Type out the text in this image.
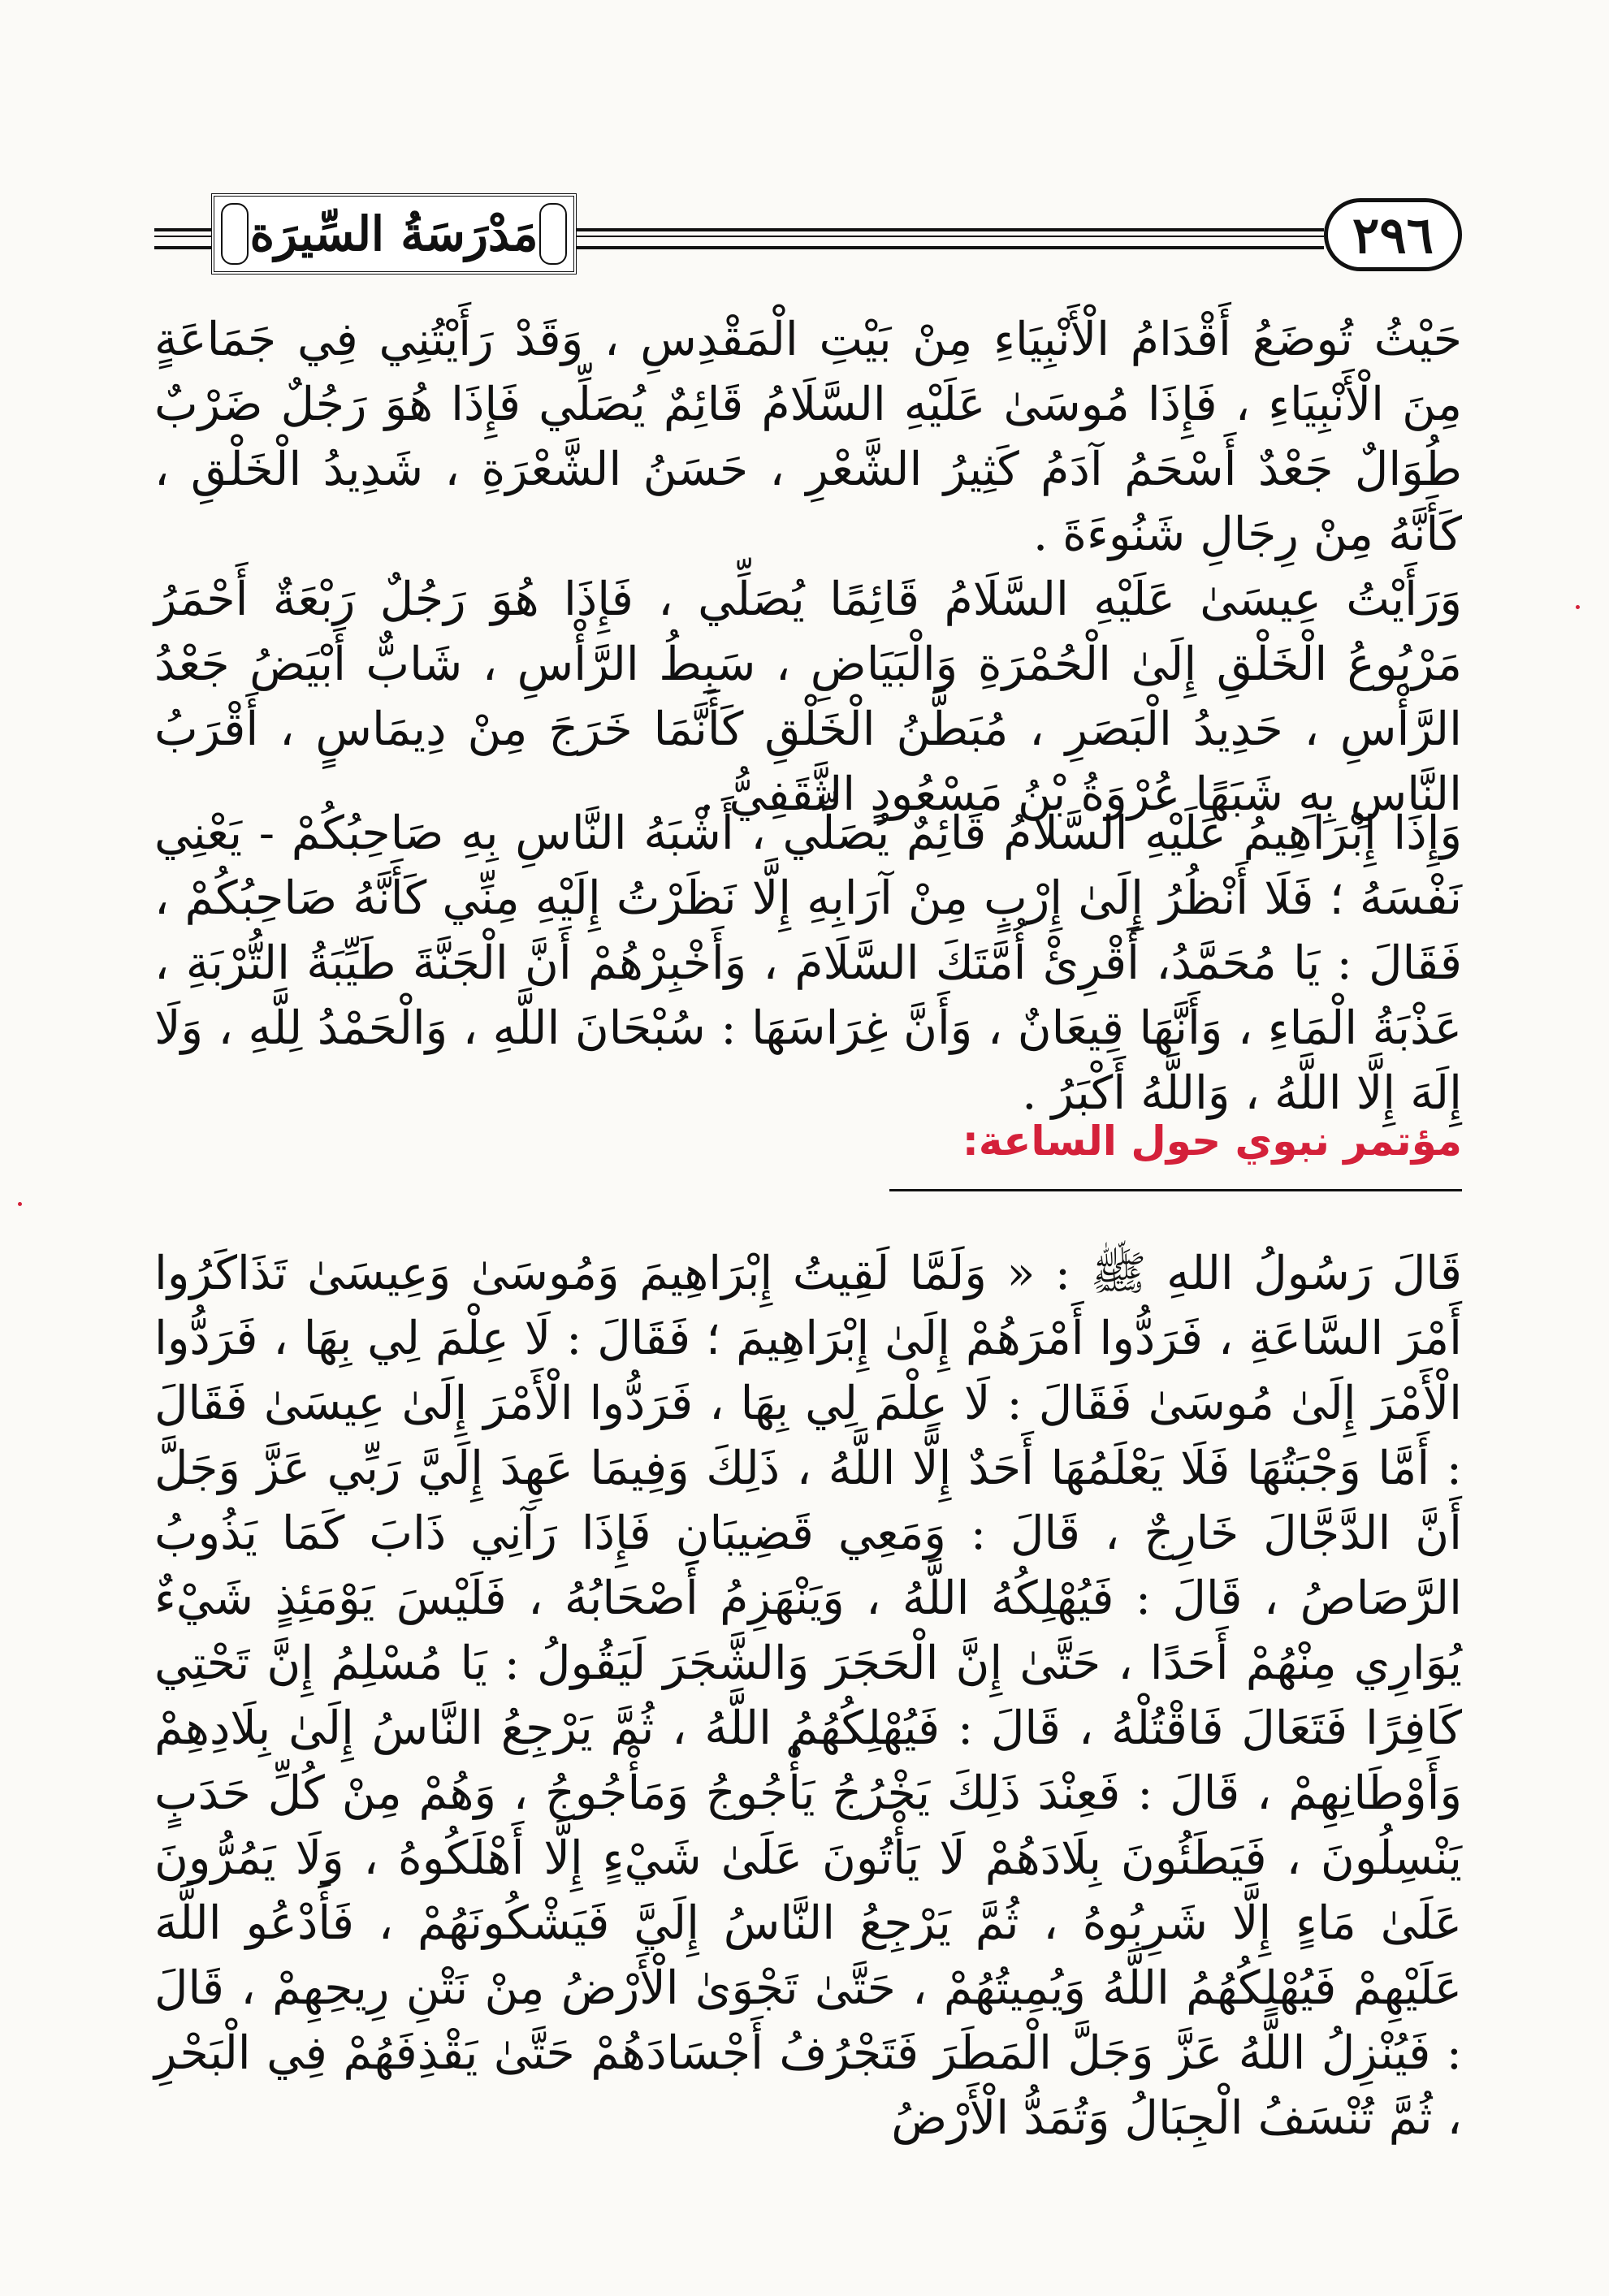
مَدْرَسَةُ السِّيرَة	٢٩٦

حَيْثُ تُوضَعُ أَقْدَامُ الْأَنْبِيَاءِ مِنْ بَيْتِ الْمَقْدِسِ ، وَقَدْ رَأَيْتُنِي فِي جَمَاعَةٍ مِنَ الْأَنْبِيَاءِ ، فَإِذَا مُوسَىٰ عَلَيْهِ السَّلَامُ قَائِمٌ يُصَلِّي فَإِذَا هُوَ رَجُلٌ ضَرْبٌ طُوَالٌ جَعْدٌ أَسْحَمُ آدَمُ كَثِيرُ الشَّعْرِ ، حَسَنُ الشَّعْرَةِ ، شَدِيدُ الْخَلْقِ ، كَأَنَّهُ مِنْ رِجَالِ شَنُوءَةَ .

وَرَأَيْتُ عِيسَىٰ عَلَيْهِ السَّلَامُ قَائِمًا يُصَلِّي ، فَإِذَا هُوَ رَجُلٌ رَبْعَةٌ أَحْمَرُ مَرْبُوعُ الْخَلْقِ إِلَىٰ الْحُمْرَةِ وَالْبَيَاضِ ، سَبِطُ الرَّأْسِ ، شَابٌّ أَبْيَضُ جَعْدُ الرَّأْسِ ، حَدِيدُ الْبَصَرِ ، مُبَطَّنُ الْخَلْقِ كَأَنَّمَا خَرَجَ مِنْ دِيمَاسٍ ، أَقْرَبُ النَّاسِ بِهِ شَبَهًا عُرْوَةُ بْنُ مَسْعُودٍ الثَّقَفِيُّ .

وَإِذَا إِبْرَاهِيمُ عَلَيْهِ السَّلَامُ قَائِمٌ يُصَلِّي ، أَشْبَهُ النَّاسِ بِهِ صَاحِبُكُمْ - يَعْنِي نَفْسَهُ ؛ فَلَا أَنْظُرُ إِلَىٰ إِرْبٍ مِنْ آرَابِهِ إِلَّا نَظَرْتُ إِلَيْهِ مِنِّي كَأَنَّهُ صَاحِبُكُمْ ، فَقَالَ : يَا مُحَمَّدُ، أَقْرِئْ أُمَّتَكَ السَّلَامَ ، وَأَخْبِرْهُمْ أَنَّ الْجَنَّةَ طَيِّبَةُ التُّرْبَةِ ، عَذْبَةُ الْمَاءِ ، وَأَنَّهَا قِيعَانٌ ، وَأَنَّ غِرَاسَهَا : سُبْحَانَ اللَّهِ ، وَالْحَمْدُ لِلَّهِ ، وَلَا إِلَهَ إِلَّا اللَّهُ ، وَاللَّهُ أَكْبَرُ .

مؤتمر نبوي حول الساعة:

قَالَ رَسُولُ اللهِ ﷺ : « وَلَمَّا لَقِيتُ إِبْرَاهِيمَ وَمُوسَىٰ وَعِيسَىٰ تَذَاكَرُوا أَمْرَ السَّاعَةِ ، فَرَدُّوا أَمْرَهُمْ إِلَىٰ إِبْرَاهِيمَ ؛ فَقَالَ : لَا عِلْمَ لِي بِهَا ، فَرَدُّوا الْأَمْرَ إِلَىٰ مُوسَىٰ فَقَالَ : لَا عِلْمَ لِي بِهَا ، فَرَدُّوا الْأَمْرَ إِلَىٰ عِيسَىٰ فَقَالَ : أَمَّا وَجْبَتُهَا فَلَا يَعْلَمُهَا أَحَدٌ إِلَّا اللَّهُ ، ذَلِكَ وَفِيمَا عَهِدَ إِلَيَّ رَبِّي عَزَّ وَجَلَّ أَنَّ الدَّجَّالَ خَارِجٌ ، قَالَ : وَمَعِي قَضِيبَانِ فَإِذَا رَآنِي ذَابَ كَمَا يَذُوبُ الرَّصَاصُ ، قَالَ : فَيُهْلِكُهُ اللَّهُ ، وَيَنْهَزِمُ أَصْحَابُهُ ، فَلَيْسَ يَوْمَئِذٍ شَيْءٌ يُوَارِي مِنْهُمْ أَحَدًا ، حَتَّىٰ إِنَّ الْحَجَرَ وَالشَّجَرَ لَيَقُولُ : يَا مُسْلِمُ إِنَّ تَحْتِي كَافِرًا فَتَعَالَ فَاقْتُلْهُ ، قَالَ : فَيُهْلِكُهُمُ اللَّهُ ، ثُمَّ يَرْجِعُ النَّاسُ إِلَىٰ بِلَادِهِمْ وَأَوْطَانِهِمْ ، قَالَ : فَعِنْدَ ذَلِكَ يَخْرُجُ يَأْجُوجُ وَمَأْجُوجُ ، وَهُمْ مِنْ كُلِّ حَدَبٍ يَنْسِلُونَ ، فَيَطَئُونَ بِلَادَهُمْ لَا يَأْتُونَ عَلَىٰ شَيْءٍ إِلَّا أَهْلَكُوهُ ، وَلَا يَمُرُّونَ عَلَىٰ مَاءٍ إِلَّا شَرِبُوهُ ، ثُمَّ يَرْجِعُ النَّاسُ إِلَيَّ فَيَشْكُونَهُمْ ، فَأَدْعُو اللَّهَ عَلَيْهِمْ فَيُهْلِكُهُمُ اللَّهُ وَيُمِيتُهُمْ ، حَتَّىٰ تَجْوَىٰ الْأَرْضُ مِنْ نَتْنِ رِيحِهِمْ ، قَالَ : فَيُنْزِلُ اللَّهُ عَزَّ وَجَلَّ الْمَطَرَ فَتَجْرُفُ أَجْسَادَهُمْ حَتَّىٰ يَقْذِفَهُمْ فِي الْبَحْرِ ، ثُمَّ تُنْسَفُ الْجِبَالُ وَتُمَدُّ الْأَرْضُ
